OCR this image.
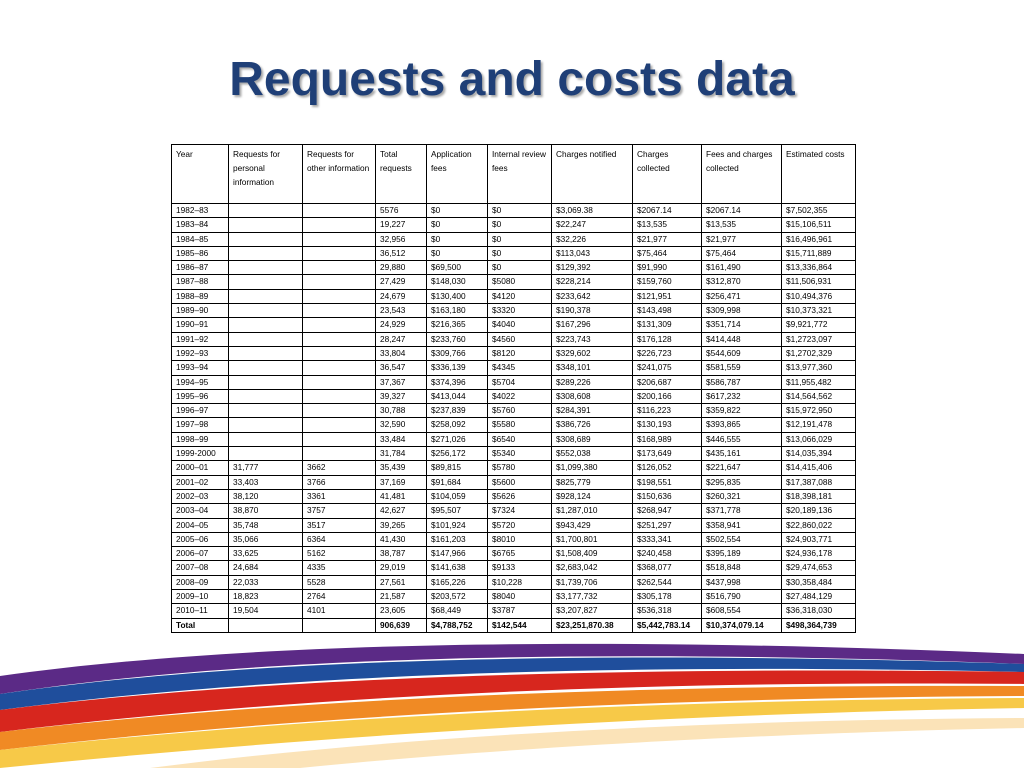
Requests and costs data
Year	Requests for personal information	Requests for other information	Total requests	Application fees	Internal review fees	Charges notified	Charges collected	Fees and charges collected	Estimated costs
1982–83			5576	$0	$0	$3,069.38	$2067.14	$2067.14	$7,502,355
1983–84			19,227	$0	$0	$22,247	$13,535	$13,535	$15,106,511
1984–85			32,956	$0	$0	$32,226	$21,977	$21,977	$16,496,961
1985–86			36,512	$0	$0	$113,043	$75,464	$75,464	$15,711,889
1986–87			29,880	$69,500	$0	$129,392	$91,990	$161,490	$13,336,864
1987–88			27,429	$148,030	$5080	$228,214	$159,760	$312,870	$11,506,931
1988–89			24,679	$130,400	$4120	$233,642	$121,951	$256,471	$10,494,376
1989–90			23,543	$163,180	$3320	$190,378	$143,498	$309,998	$10,373,321
1990–91			24,929	$216,365	$4040	$167,296	$131,309	$351,714	$9,921,772
1991–92			28,247	$233,760	$4560	$223,743	$176,128	$414,448	$1,2723,097
1992–93			33,804	$309,766	$8120	$329,602	$226,723	$544,609	$1,2702,329
1993–94			36,547	$336,139	$4345	$348,101	$241,075	$581,559	$13,977,360
1994–95			37,367	$374,396	$5704	$289,226	$206,687	$586,787	$11,955,482
1995–96			39,327	$413,044	$4022	$308,608	$200,166	$617,232	$14,564,562
1996–97			30,788	$237,839	$5760	$284,391	$116,223	$359,822	$15,972,950
1997–98			32,590	$258,092	$5580	$386,726	$130,193	$393,865	$12,191,478
1998–99			33,484	$271,026	$6540	$308,689	$168,989	$446,555	$13,066,029
1999-2000			31,784	$256,172	$5340	$552,038	$173,649	$435,161	$14,035,394
2000–01	31,777	3662	35,439	$89,815	$5780	$1,099,380	$126,052	$221,647	$14,415,406
2001–02	33,403	3766	37,169	$91,684	$5600	$825,779	$198,551	$295,835	$17,387,088
2002–03	38,120	3361	41,481	$104,059	$5626	$928,124	$150,636	$260,321	$18,398,181
2003–04	38,870	3757	42,627	$95,507	$7324	$1,287,010	$268,947	$371,778	$20,189,136
2004–05	35,748	3517	39,265	$101,924	$5720	$943,429	$251,297	$358,941	$22,860,022
2005–06	35,066	6364	41,430	$161,203	$8010	$1,700,801	$333,341	$502,554	$24,903,771
2006–07	33,625	5162	38,787	$147,966	$6765	$1,508,409	$240,458	$395,189	$24,936,178
2007–08	24,684	4335	29,019	$141,638	$9133	$2,683,042	$368,077	$518,848	$29,474,653
2008–09	22,033	5528	27,561	$165,226	$10,228	$1,739,706	$262,544	$437,998	$30,358,484
2009–10	18,823	2764	21,587	$203,572	$8040	$3,177,732	$305,178	$516,790	$27,484,129
2010–11	19,504	4101	23,605	$68,449	$3787	$3,207,827	$536,318	$608,554	$36,318,030
Total			906,639	$4,788,752	$142,544	$23,251,870.38	$5,442,783.14	$10,374,079.14	$498,364,739
